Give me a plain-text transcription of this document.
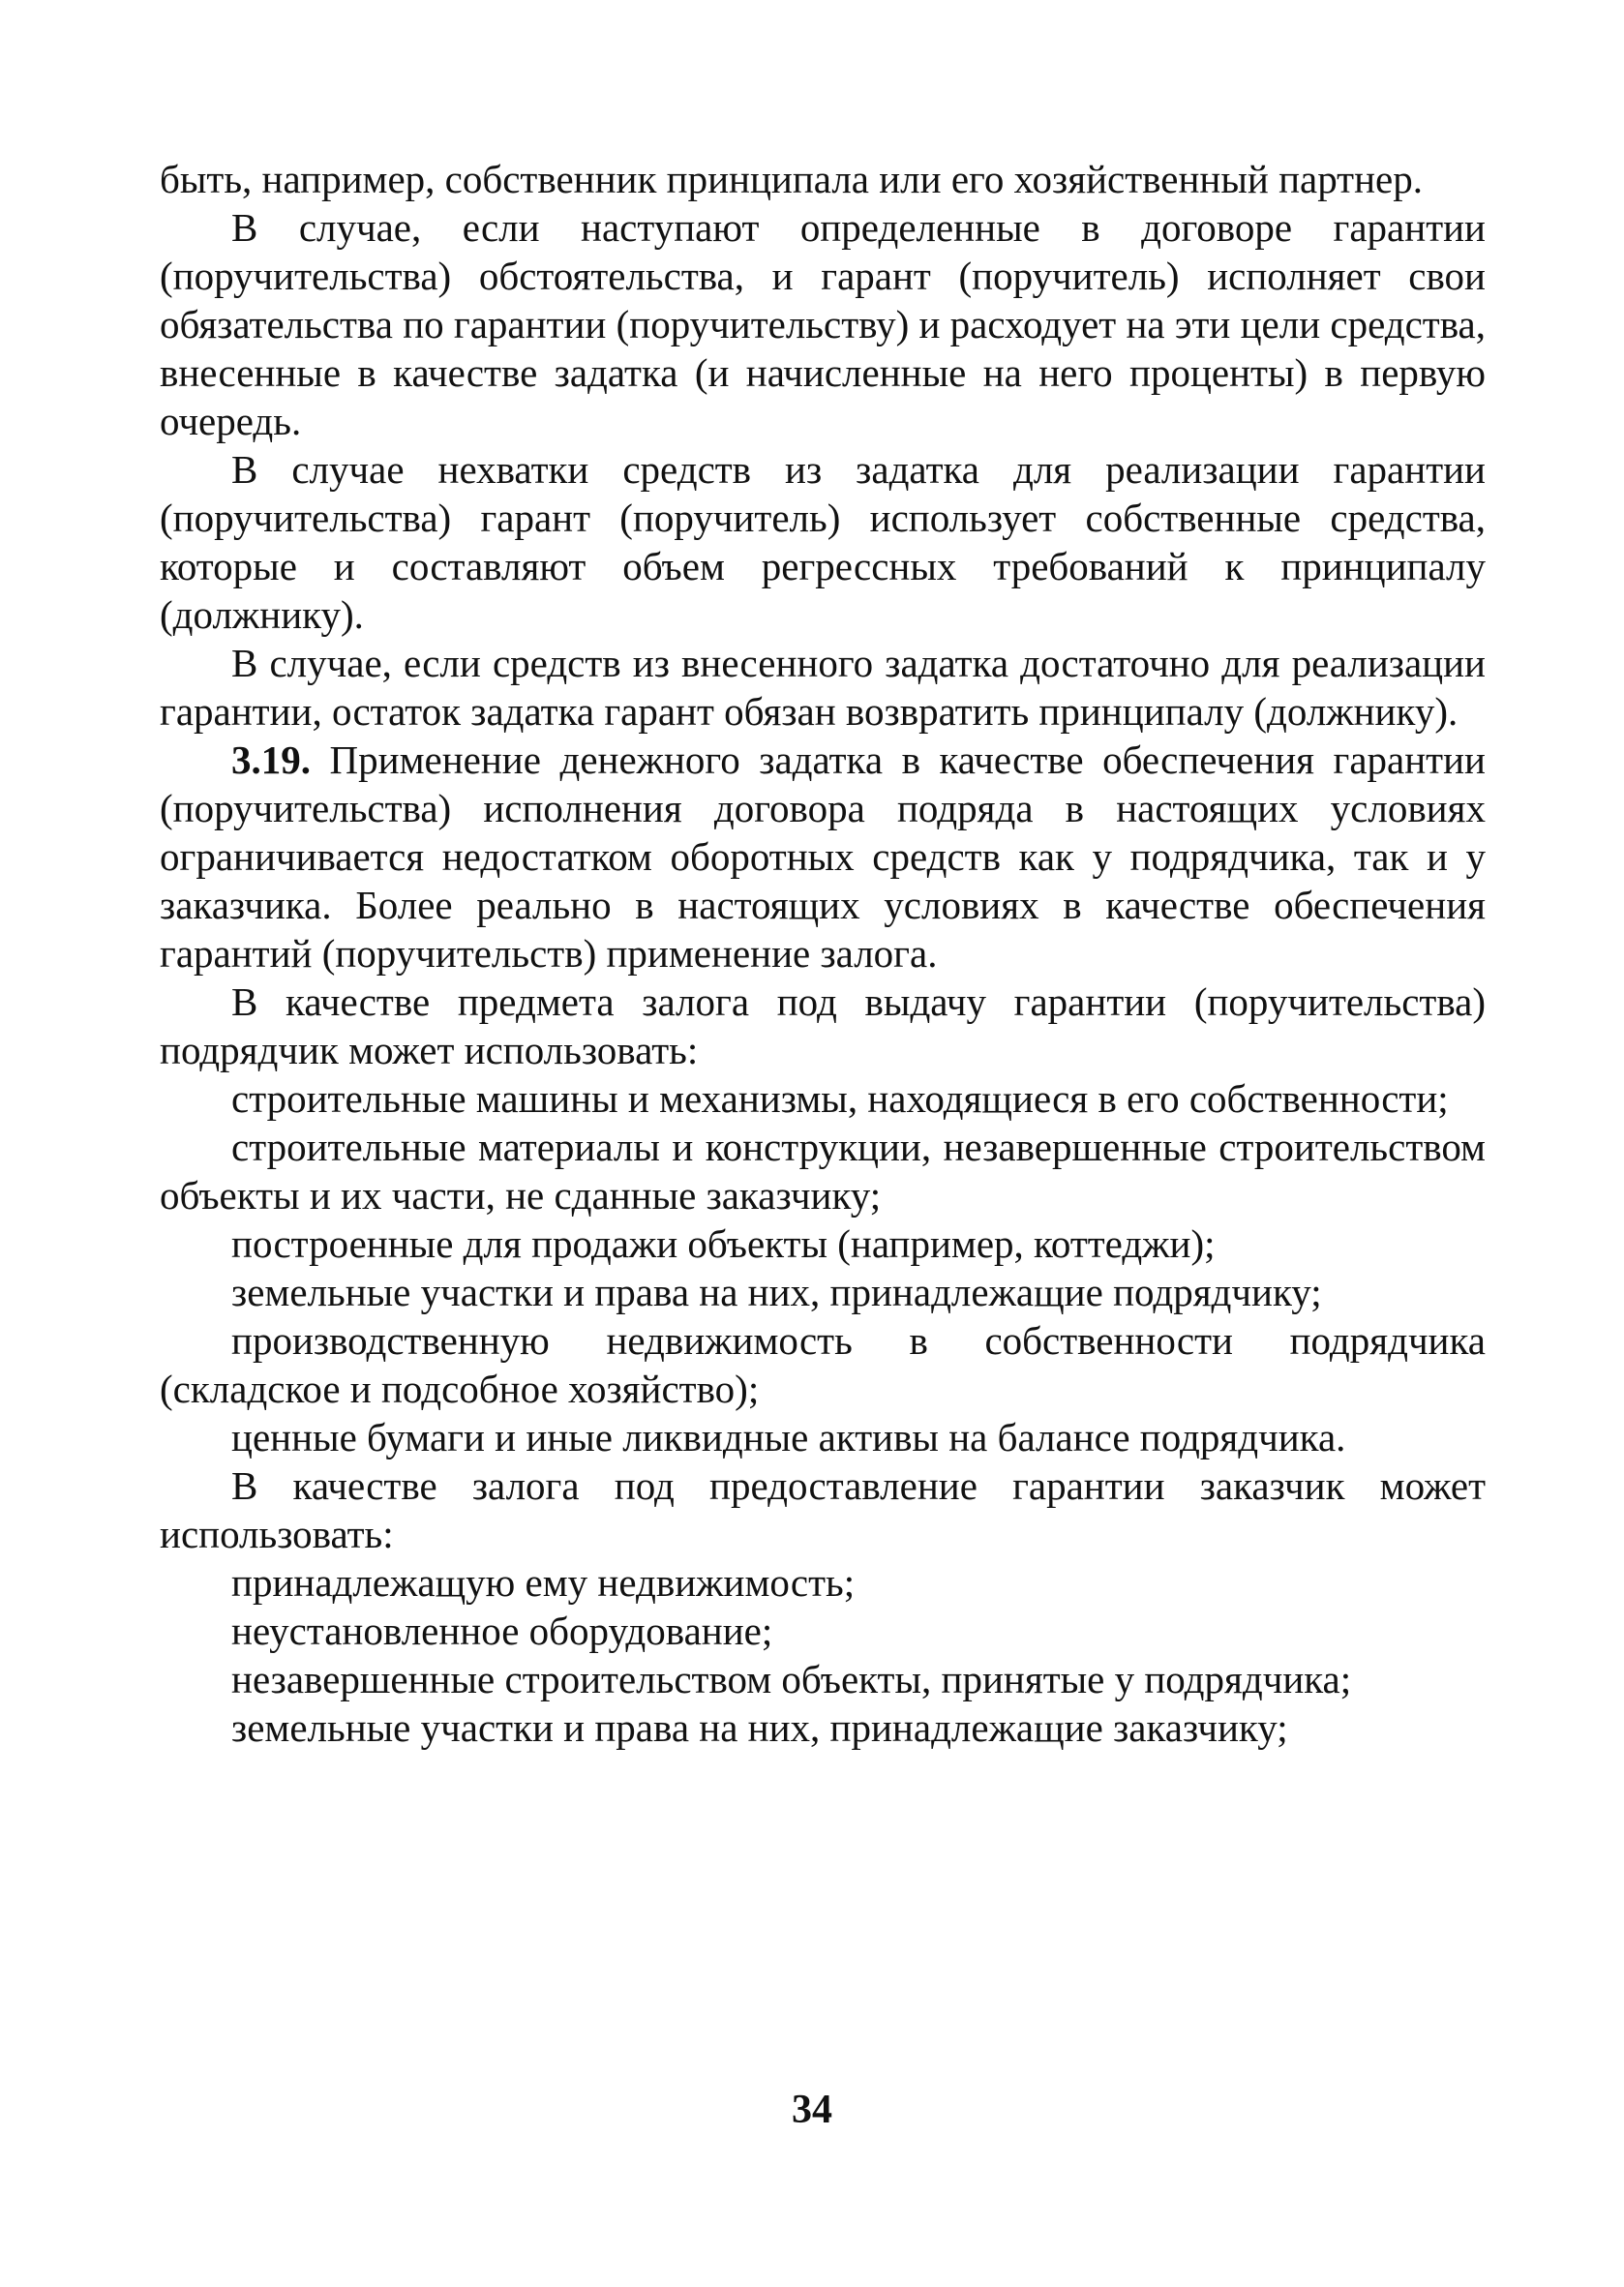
быть, например, собственник принципала или его хозяйственный партнер.

В случае, если наступают определенные в договоре гарантии (поручительства) обстоятельства, и гарант (поручитель) исполняет свои обязательства по гарантии (поручительству) и расходует на эти цели средства, внесенные в качестве задатка (и начисленные на него проценты) в первую очередь.

В случае нехватки средств из задатка для реализации гарантии (поручительства) гарант (поручитель) использует собственные средства, которые и составляют объем регрессных требований к принципалу (должнику).

В случае, если средств из внесенного задатка достаточно для реализации гарантии, остаток задатка гарант обязан возвратить принципалу (должнику).

3.19. Применение денежного задатка в качестве обеспечения гарантии (поручительства) исполнения договора подряда в настоящих условиях ограничивается недостатком оборотных средств как у подрядчика, так и у заказчика. Более реально в настоящих условиях в качестве обеспечения гарантий (поручительств) применение залога.

В качестве предмета залога под выдачу гарантии (поручительства) подрядчик может использовать:

строительные машины и механизмы, находящиеся в его собственности;

строительные материалы и конструкции, незавершенные строительством объекты и их части, не сданные заказчику;

построенные для продажи объекты (например, коттеджи);

земельные участки и права на них, принадлежащие подрядчику;

производственную недвижимость в собственности подрядчика (складское и подсобное хозяйство);

ценные бумаги и иные ликвидные активы на балансе подрядчика.

В качестве залога под предоставление гарантии заказчик может использовать:

принадлежащую ему недвижимость;

неустановленное оборудование;

незавершенные строительством объекты, принятые у подрядчика;

земельные участки и права на них, принадлежащие заказчику;

34
